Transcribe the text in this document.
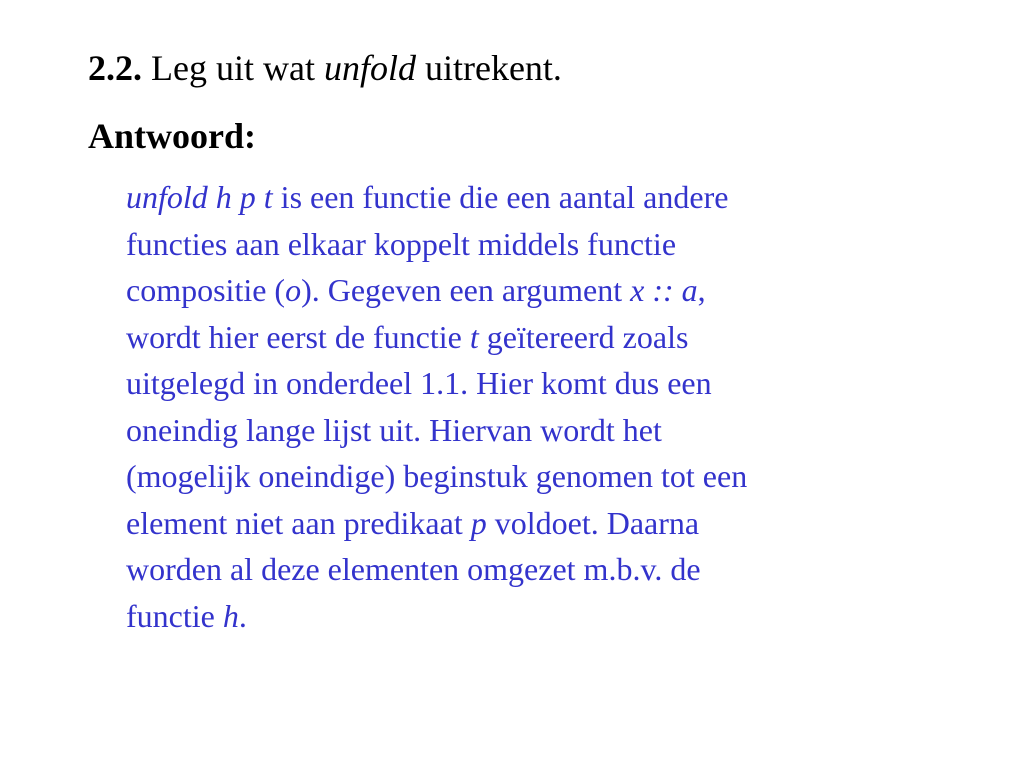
2.2. Leg uit wat unfold uitrekent.
Antwoord:
unfold h p t is een functie die een aantal andere
functies aan elkaar koppelt middels functie
compositie (o). Gegeven een argument x :: a,
wordt hier eerst de functie t geïtereerd zoals
uitgelegd in onderdeel 1.1. Hier komt dus een
oneindig lange lijst uit. Hiervan wordt het
(mogelijk oneindige) beginstuk genomen tot een
element niet aan predikaat p voldoet. Daarna
worden al deze elementen omgezet m.b.v. de
functie h.
